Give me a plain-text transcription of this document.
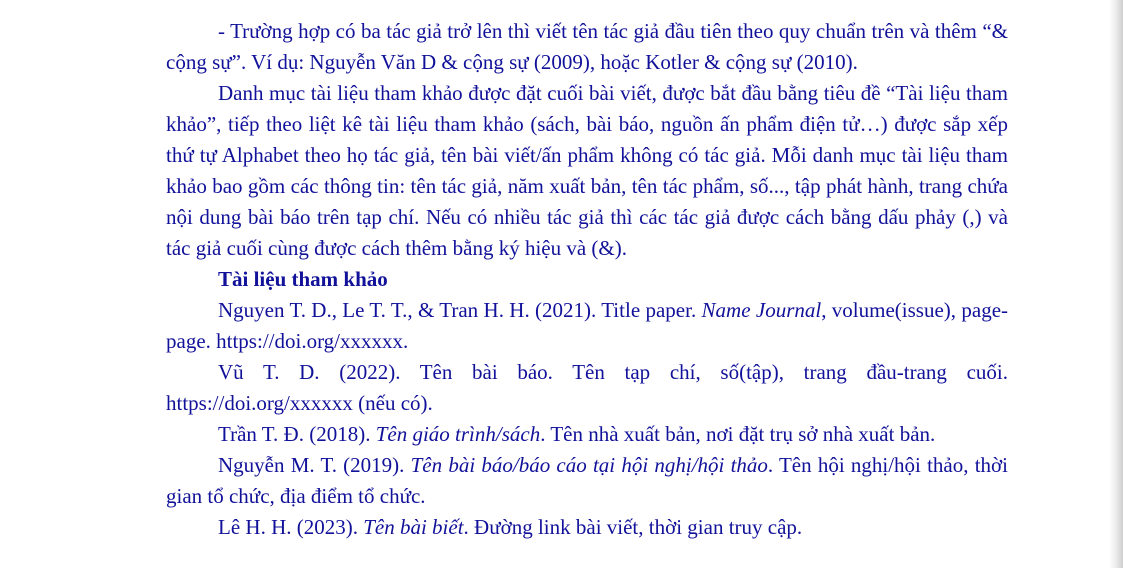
- Trường hợp có ba tác giả trở lên thì viết tên tác giả đầu tiên theo quy chuẩn trên và thêm “& cộng sự”. Ví dụ: Nguyễn Văn D & cộng sự (2009), hoặc Kotler & cộng sự (2010).

Danh mục tài liệu tham khảo được đặt cuối bài viết, được bắt đầu bằng tiêu đề “Tài liệu tham khảo”, tiếp theo liệt kê tài liệu tham khảo (sách, bài báo, nguồn ấn phẩm điện tử…) được sắp xếp thứ tự Alphabet theo họ tác giả, tên bài viết/ấn phẩm không có tác giả. Mỗi danh mục tài liệu tham khảo bao gồm các thông tin: tên tác giả, năm xuất bản, tên tác phẩm, số..., tập phát hành, trang chứa nội dung bài báo trên tạp chí. Nếu có nhiều tác giả thì các tác giả được cách bằng dấu phảy (,) và tác giả cuối cùng được cách thêm bằng ký hiệu và (&).

Tài liệu tham khảo

Nguyen T. D., Le T. T., & Tran H. H. (2021). Title paper. Name Journal, volume(issue), page-page. https://doi.org/xxxxxx.

Vũ T. D. (2022). Tên bài báo. Tên tạp chí, số(tập), trang đầu-trang cuối. https://doi.org/xxxxxx (nếu có).

Trần T. Đ. (2018). Tên giáo trình/sách. Tên nhà xuất bản, nơi đặt trụ sở nhà xuất bản.

Nguyễn M. T. (2019). Tên bài báo/báo cáo tại hội nghị/hội thảo. Tên hội nghị/hội thảo, thời gian tổ chức, địa điểm tổ chức.

Lê H. H. (2023). Tên bài biết. Đường link bài viết, thời gian truy cập.
